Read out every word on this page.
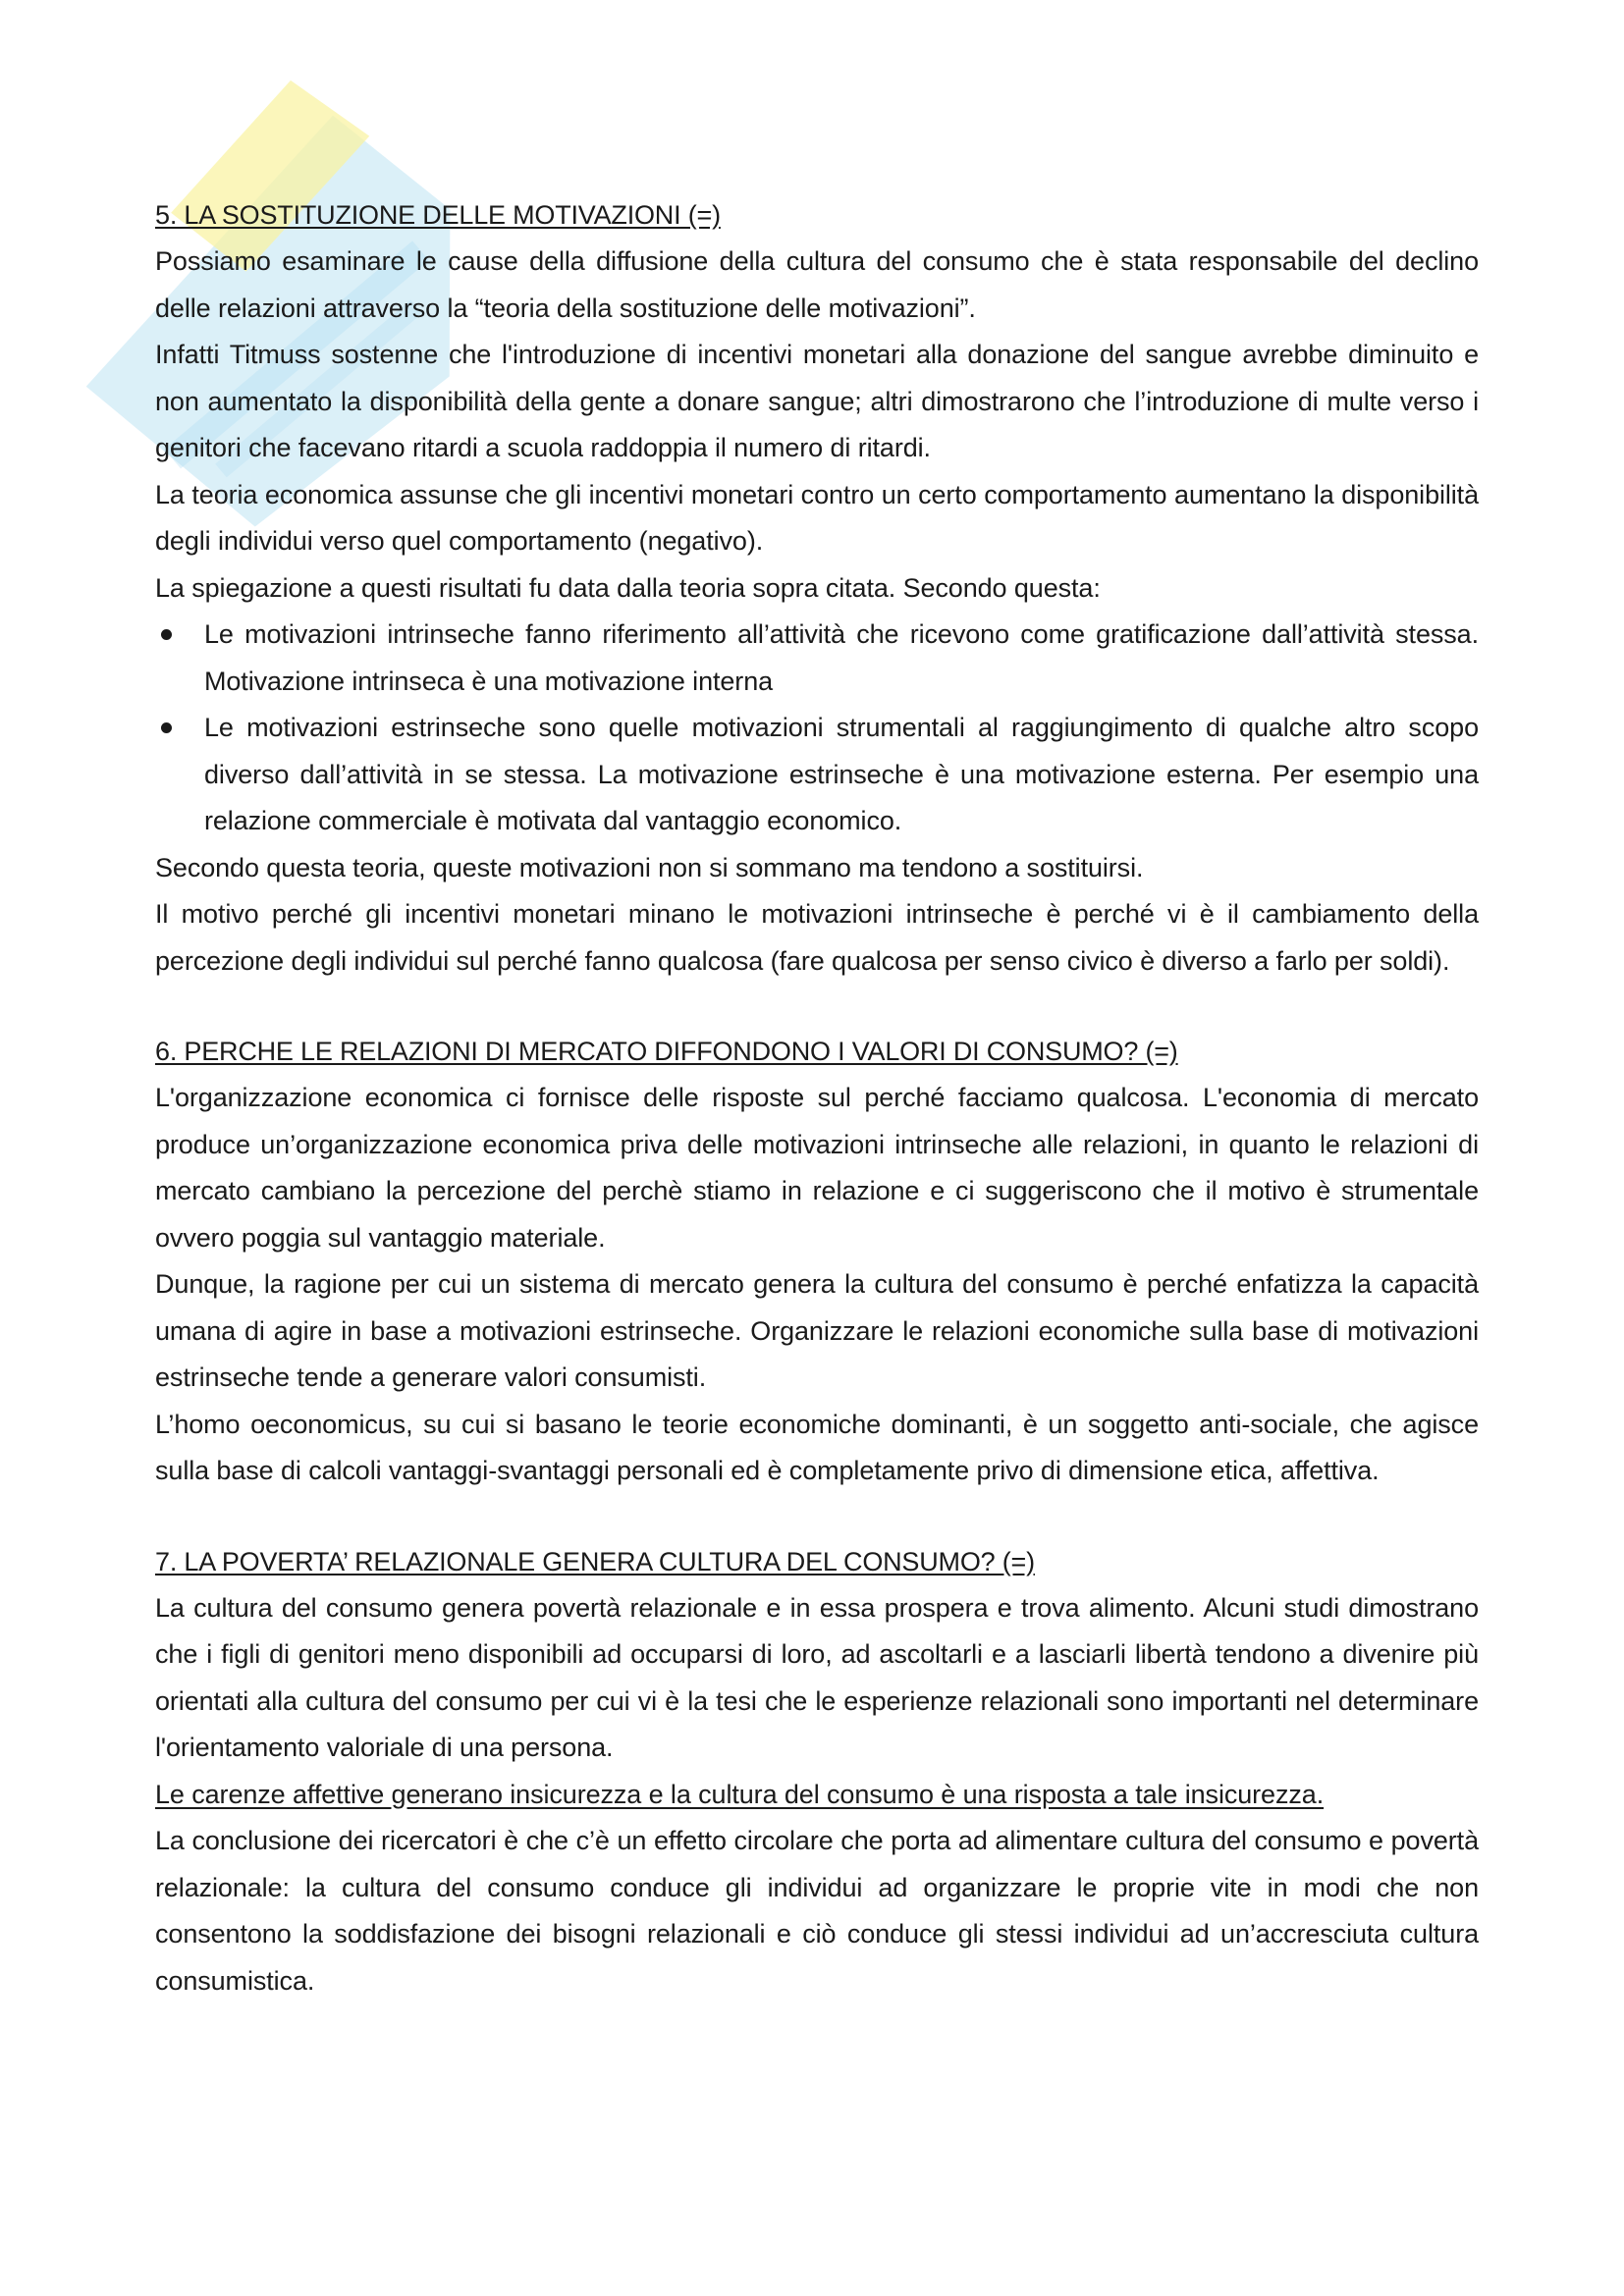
5. LA SOSTITUZIONE DELLE MOTIVAZIONI (=)

Possiamo esaminare le cause della diffusione della cultura del consumo che è stata responsabile del declino delle relazioni attraverso la “teoria della sostituzione delle motivazioni”.

Infatti Titmuss sostenne che l'introduzione di incentivi monetari alla donazione del sangue avrebbe diminuito e non aumentato la disponibilità della gente a donare sangue; altri dimostrarono che l’introduzione di multe verso i genitori che facevano ritardi a scuola raddoppia il numero di ritardi.

La teoria economica assunse che gli incentivi monetari contro un certo comportamento aumentano la disponibilità degli individui verso quel comportamento (negativo).

La spiegazione a questi risultati fu data dalla teoria sopra citata. Secondo questa:

Le motivazioni intrinseche fanno riferimento all’attività che ricevono come gratificazione dall’attività stessa. Motivazione intrinseca è una motivazione interna

Le motivazioni estrinseche sono quelle motivazioni strumentali al raggiungimento di qualche altro scopo diverso dall’attività in se stessa. La motivazione estrinseche è una motivazione esterna. Per esempio una relazione commerciale è motivata dal vantaggio economico.

Secondo questa teoria, queste motivazioni non si sommano ma tendono a sostituirsi.

Il motivo perché gli incentivi monetari minano le motivazioni intrinseche è perché vi è il cambiamento della percezione degli individui sul perché fanno qualcosa (fare qualcosa per senso civico è diverso a farlo per soldi).

6. PERCHE LE RELAZIONI DI MERCATO DIFFONDONO I VALORI DI CONSUMO? (=)

L'organizzazione economica ci fornisce delle risposte sul perché facciamo qualcosa. L'economia di mercato produce un’organizzazione economica priva delle motivazioni intrinseche alle relazioni, in quanto le relazioni di mercato cambiano la percezione del perchè stiamo in relazione e ci suggeriscono che il motivo è strumentale ovvero poggia sul vantaggio materiale.

Dunque, la ragione per cui un sistema di mercato genera la cultura del consumo è perché enfatizza la capacità umana di agire in base a motivazioni estrinseche. Organizzare le relazioni economiche sulla base di motivazioni estrinseche tende a generare valori consumisti.

L’homo oeconomicus, su cui si basano le teorie economiche dominanti, è un soggetto anti-sociale, che agisce sulla base di calcoli vantaggi-svantaggi personali ed è completamente privo di dimensione etica, affettiva.

7. LA POVERTA’ RELAZIONALE GENERA CULTURA DEL CONSUMO? (=)

La cultura del consumo genera povertà relazionale e in essa prospera e trova alimento. Alcuni studi dimostrano che i figli di genitori meno disponibili ad occuparsi di loro, ad ascoltarli e a lasciarli libertà tendono a divenire più orientati alla cultura del consumo per cui vi è la tesi che le esperienze relazionali sono importanti nel determinare l'orientamento valoriale di una persona.

Le carenze affettive generano insicurezza e la cultura del consumo è una risposta a tale insicurezza.

La conclusione dei ricercatori è che c’è un effetto circolare che porta ad alimentare cultura del consumo e povertà relazionale: la cultura del consumo conduce gli individui ad organizzare le proprie vite in modi che non consentono la soddisfazione dei bisogni relazionali e ciò conduce gli stessi individui ad un’accresciuta cultura consumistica.
